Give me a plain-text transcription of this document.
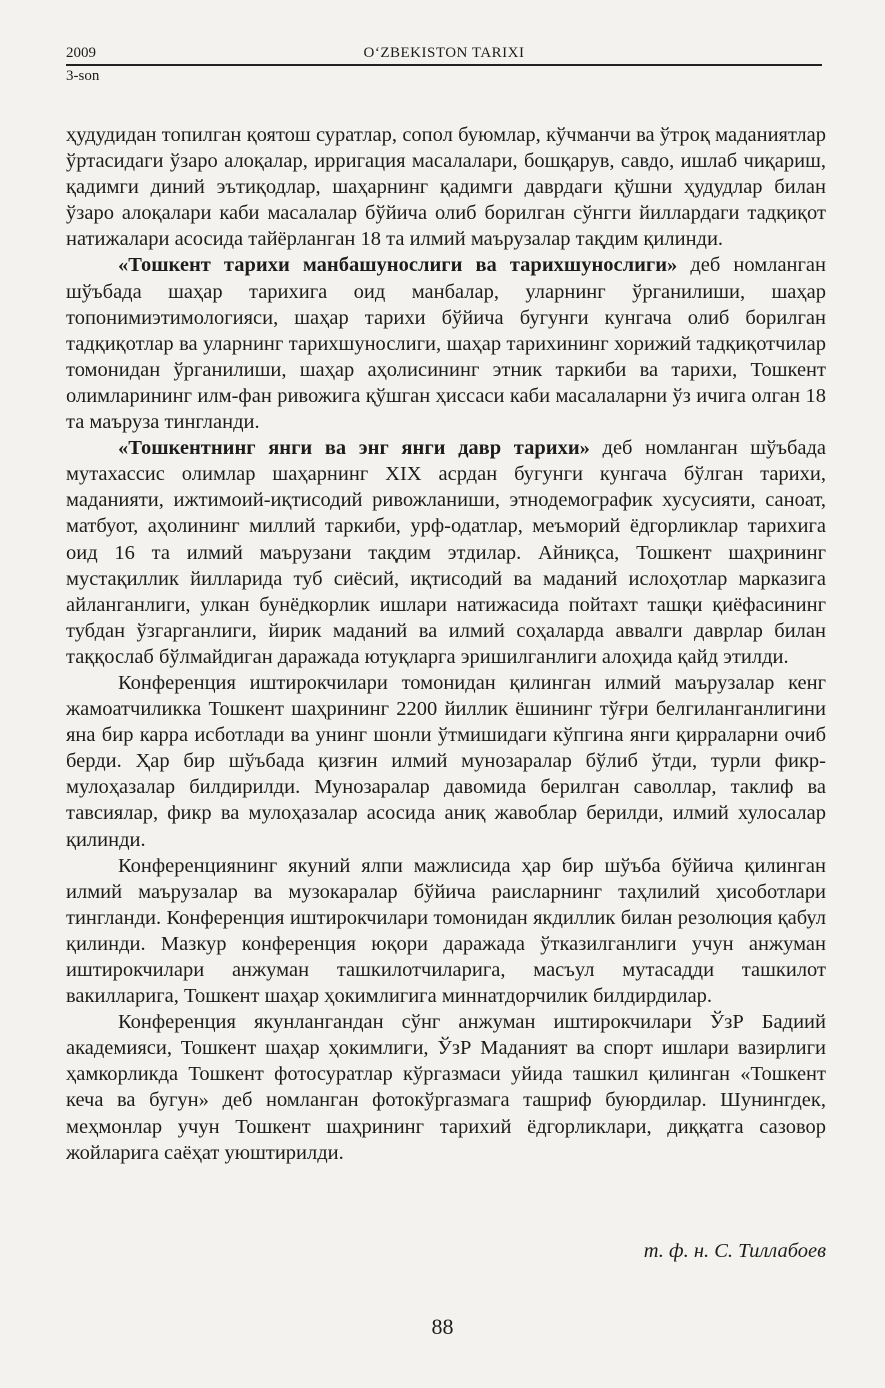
2009	O‘ZBEKISTON TARIXI
3-son

ҳудудидан топилган қоятош суратлар, сопол буюмлар, кўчманчи ва ўтроқ маданиятлар ўртасидаги ўзаро алоқалар, ирригация масалалари, бошқарув, савдо, ишлаб чиқариш, қадимги диний эътиқодлар, шаҳарнинг қадимги даврдаги қўшни ҳудудлар билан ўзаро алоқалари каби масалалар бўйича олиб борилган сўнгги йиллардаги тадқиқот натижалари асосида тайёрланган 18 та илмий маърузалар тақдим қилинди.

«Тошкент тарихи манбашунослиги ва тарихшунослиги» деб номланган шўъбада шаҳар тарихига оид манбалар, уларнинг ўрганилиши, шаҳар топонимиэтимологияси, шаҳар тарихи бўйича бугунги кунгача олиб борилган тадқиқотлар ва уларнинг тарихшунослиги, шаҳар тарихининг хорижий тадқиқотчилар томонидан ўрганилиши, шаҳар аҳолисининг этник таркиби ва тарихи, Тошкент олимларининг илм-фан ривожига қўшган ҳиссаси каби масалаларни ўз ичига олган 18 та маъруза тингланди.

«Тошкентнинг янги ва энг янги давр тарихи» деб номланган шўъбада мутахассис олимлар шаҳарнинг XIX асрдан бугунги кунгача бўлган тарихи, маданияти, ижтимоий-иқтисодий ривожланиши, этнодемографик хусусияти, саноат, матбуот, аҳолининг миллий таркиби, урф-одатлар, меъморий ёдгорликлар тарихига оид 16 та илмий маърузани тақдим этдилар. Айниқса, Тошкент шаҳрининг мустақиллик йилларида туб сиёсий, иқтисодий ва маданий ислоҳотлар марказига айланганлиги, улкан бунёдкорлик ишлари натижасида пойтахт ташқи қиёфасининг тубдан ўзгарганлиги, йирик маданий ва илмий соҳаларда аввалги даврлар билан таққослаб бўлмайдиган даражада ютуқларга эришилганлиги алоҳида қайд этилди.

Конференция иштирокчилари томонидан қилинган илмий маърузалар кенг жамоатчиликка Тошкент шаҳрининг 2200 йиллик ёшининг тўғри белгиланганлигини яна бир карра исботлади ва унинг шонли ўтмишидаги кўпгина янги қирраларни очиб берди. Ҳар бир шўъбада қизғин илмий мунозаралар бўлиб ўтди, турли фикр-мулоҳазалар билдирилди. Мунозаралар давомида берилган саволлар, таклиф ва тавсиялар, фикр ва мулоҳазалар асосида аниқ жавоблар берилди, илмий хулосалар қилинди.

Конференциянинг якуний ялпи мажлисида ҳар бир шўъба бўйича қилинган илмий маърузалар ва музокаралар бўйича раисларнинг таҳлилий ҳисоботлари тингланди. Конференция иштирокчилари томонидан якдиллик билан резолюция қабул қилинди. Мазкур конференция юқори даражада ўтказилганлиги учун анжуман иштирокчилари анжуман ташкилотчиларига, масъул мутасадди ташкилот вакилларига, Тошкент шаҳар ҳокимлигига миннатдорчилик билдирдилар.

Конференция якунлангандан сўнг анжуман иштирокчилари ЎзР Бадиий академияси, Тошкент шаҳар ҳокимлиги, ЎзР Маданият ва спорт ишлари вазирлиги ҳамкорликда Тошкент фотосуратлар кўргазмаси уйида ташкил қилинган «Тошкент кеча ва бугун» деб номланган фотокўргазмага ташриф буюрдилар. Шунингдек, меҳмонлар учун Тошкент шаҳрининг тарихий ёдгорликлари, диққатга сазовор жойларига саёҳат уюштирилди.

т. ф. н. С. Тиллабоев
88
